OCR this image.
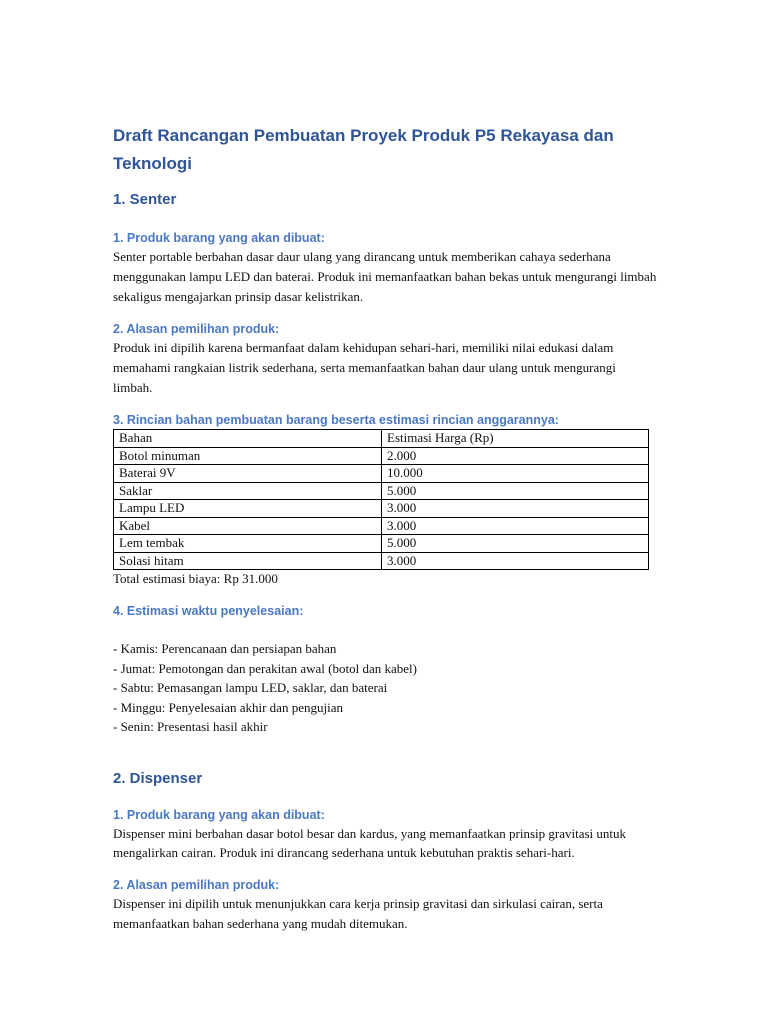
Draft Rancangan Pembuatan Proyek Produk P5 Rekayasa dan Teknologi
1. Senter
1. Produk barang yang akan dibuat:

Senter portable berbahan dasar daur ulang yang dirancang untuk memberikan cahaya sederhana menggunakan lampu LED dan baterai. Produk ini memanfaatkan bahan bekas untuk mengurangi limbah sekaligus mengajarkan prinsip dasar kelistrikan.

2. Alasan pemilihan produk:

Produk ini dipilih karena bermanfaat dalam kehidupan sehari-hari, memiliki nilai edukasi dalam memahami rangkaian listrik sederhana, serta memanfaatkan bahan daur ulang untuk mengurangi limbah.

3. Rincian bahan pembuatan barang beserta estimasi rincian anggarannya:
Bahan	Estimasi Harga (Rp)
Botol minuman	2.000
Baterai 9V	10.000
Saklar	5.000
Lampu LED	3.000
Kabel	3.000
Lem tembak	5.000
Solasi hitam	3.000

Total estimasi biaya: Rp 31.000

4. Estimasi waktu penyelesaian:
- Kamis: Perencanaan dan persiapan bahan
- Jumat: Pemotongan dan perakitan awal (botol dan kabel)
- Sabtu: Pemasangan lampu LED, saklar, dan baterai
- Minggu: Penyelesaian akhir dan pengujian
- Senin: Presentasi hasil akhir
2. Dispenser
1. Produk barang yang akan dibuat:

Dispenser mini berbahan dasar botol besar dan kardus, yang memanfaatkan prinsip gravitasi untuk mengalirkan cairan. Produk ini dirancang sederhana untuk kebutuhan praktis sehari-hari.

2. Alasan pemilihan produk:

Dispenser ini dipilih untuk menunjukkan cara kerja prinsip gravitasi dan sirkulasi cairan, serta memanfaatkan bahan sederhana yang mudah ditemukan.
